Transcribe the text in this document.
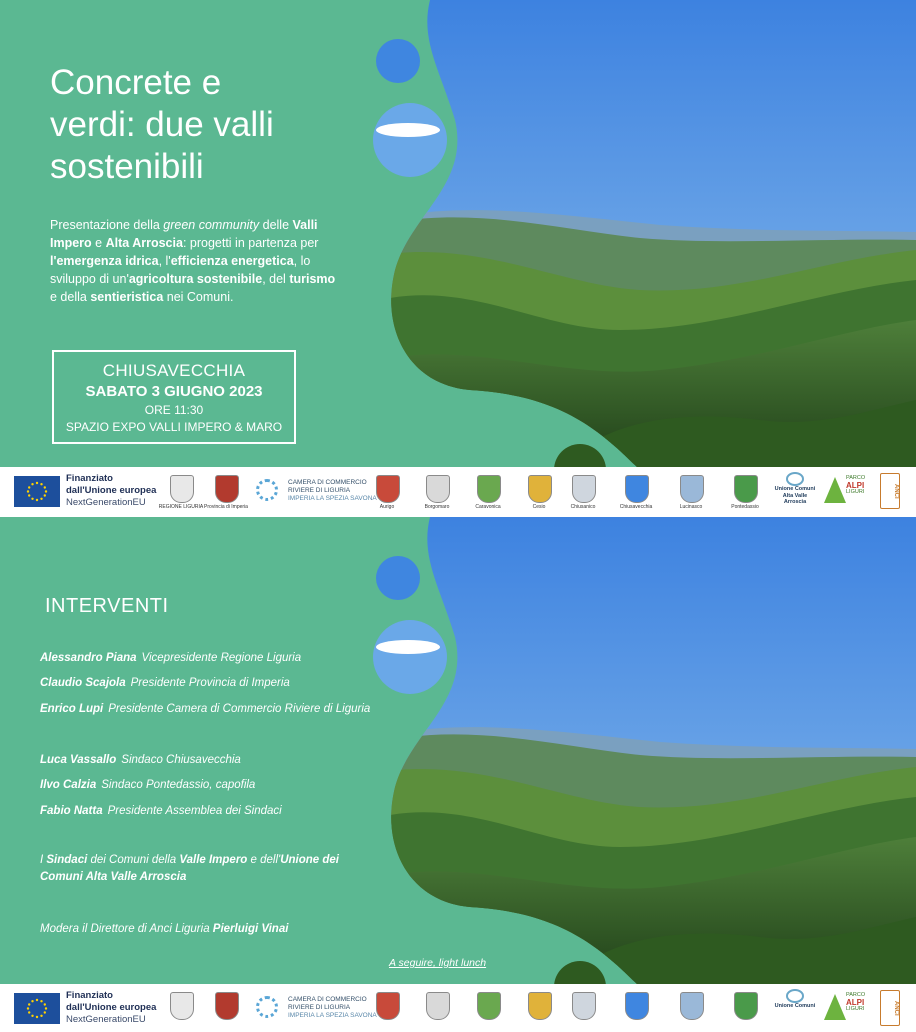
Concrete e
verdi: due valli
sostenibili

Presentazione della green community delle Valli Impero e Alta Arroscia: progetti in partenza per l'emergenza idrica, l'efficienza energetica, lo sviluppo di un'agricoltura sostenibile, del turismo e della sentieristica nei Comuni.

CHIUSAVECCHIA
SABATO 3 GIUGNO 2023
ORE 11:30
SPAZIO EXPO VALLI IMPERO & MARO
Finanziato
dall'Unione europea
NextGenerationEU	REGIONE LIGURIA Provincia di Imperia
CAMERA DI COMMERCIO
RIVIERE DI LIGURIA
IMPERIA LA SPEZIA SAVONA
Aurigo	Borgomaro	Caravonica	Cesio	Chiusanico	Chiusavecchia	Lucinasco	Pontedassio
Unione Comuni
Alta Valle Arroscia
PARCO
ALPI
LIGURI	ANCI
INTERVENTI
Alessandro Piana Vicepresidente Regione Liguria
Claudio Scajola Presidente Provincia di Imperia
Enrico Lupi Presidente Camera di Commercio Riviere di Liguria
Luca Vassallo Sindaco Chiusavecchia
Ilvo Calzia Sindaco Pontedassio, capofila
Fabio Natta Presidente Assemblea dei Sindaci
I Sindaci dei Comuni della Valle Impero e dell'Unione dei Comuni Alta Valle Arroscia
Modera il Direttore di Anci Liguria Pierluigi Vinai
A seguire, light lunch
Finanziato
dall'Unione europea
NextGenerationEU
CAMERA DI COMMERCIO
RIVIERE DI LIGURIA
IMPERIA LA SPEZIA SAVONA
Unione Comuni
PARCO
ALPI
LIGURI	ANCI
